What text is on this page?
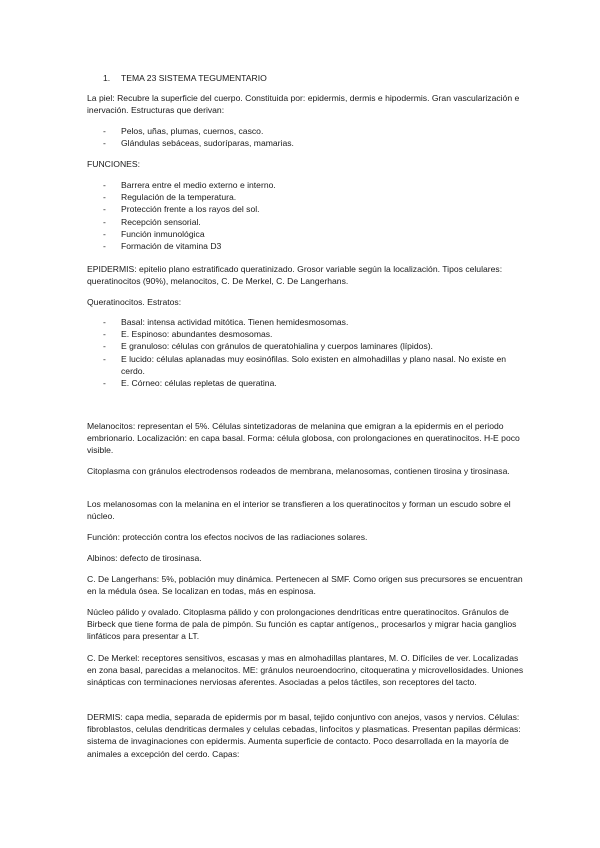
1. TEMA 23 SISTEMA TEGUMENTARIO

La piel: Recubre la superficie del cuerpo. Constituida por: epidermis, dermis e hipodermis. Gran vascularización e inervación. Estructuras que derivan:

- Pelos, uñas, plumas, cuernos, casco.
- Glándulas sebáceas, sudoríparas, mamarias.

FUNCIONES:

- Barrera entre el medio externo e interno.
- Regulación de la temperatura.
- Protección frente a los rayos del sol.
- Recepción sensorial.
- Función inmunológica
- Formación de vitamina D3

EPIDERMIS: epitelio plano estratificado queratinizado. Grosor variable según la localización. Tipos celulares: queratinocitos (90%), melanocitos, C. De Merkel, C. De Langerhans.

Queratinocitos. Estratos:

- Basal: intensa actividad mitótica. Tienen hemidesmosomas.
- E. Espinoso: abundantes desmosomas.
- E granuloso: células con gránulos de queratohialina y cuerpos laminares (lípidos).
- E lucido: células aplanadas muy eosinófilas. Solo existen en almohadillas y plano nasal. No existe en cerdo.
- E. Córneo: células repletas de queratina.

Melanocitos: representan el 5%. Células sintetizadoras de melanina que emigran a la epidermis en el periodo embrionario. Localización: en capa basal. Forma: célula globosa, con prolongaciones en queratinocitos. H-E poco visible.

Citoplasma con gránulos electrodensos rodeados de membrana, melanosomas, contienen tirosina y tirosinasa.

Los melanosomas con la melanina en el interior se transfieren a los queratinocitos y forman un escudo sobre el núcleo.

Función: protección contra los efectos nocivos de las radiaciones solares.

Albinos: defecto de tirosinasa.

C. De Langerhans: 5%, población muy dinámica. Pertenecen al SMF. Como origen sus precursores se encuentran en la médula ósea. Se localizan en todas, más en espinosa.

Núcleo pálido y ovalado. Citoplasma pálido y con prolongaciones dendríticas entre queratinocitos. Gránulos de Birbeck que tiene forma de pala de pimpón. Su función es captar antígenos,, procesarlos y migrar hacia ganglios linfáticos para presentar a LT.

C. De Merkel: receptores sensitivos, escasas y mas en almohadillas plantares, M. O. Difíciles de ver. Localizadas en zona basal, parecidas a melanocitos. ME: gránulos neuroendocrino, citoqueratina y microvellosidades. Uniones sinápticas con terminaciones nerviosas aferentes. Asociadas a pelos táctiles, son receptores del tacto.

DERMIS: capa media, separada de epidermis por m basal, tejido conjuntivo con anejos, vasos y nervios. Células: fibroblastos, celulas dendriticas dermales y celulas cebadas, linfocitos y plasmaticas. Presentan papilas dérmicas: sistema de invaginaciones con epidermis. Aumenta superficie de contacto. Poco desarrollada en la mayoría de animales a excepción del cerdo. Capas:
